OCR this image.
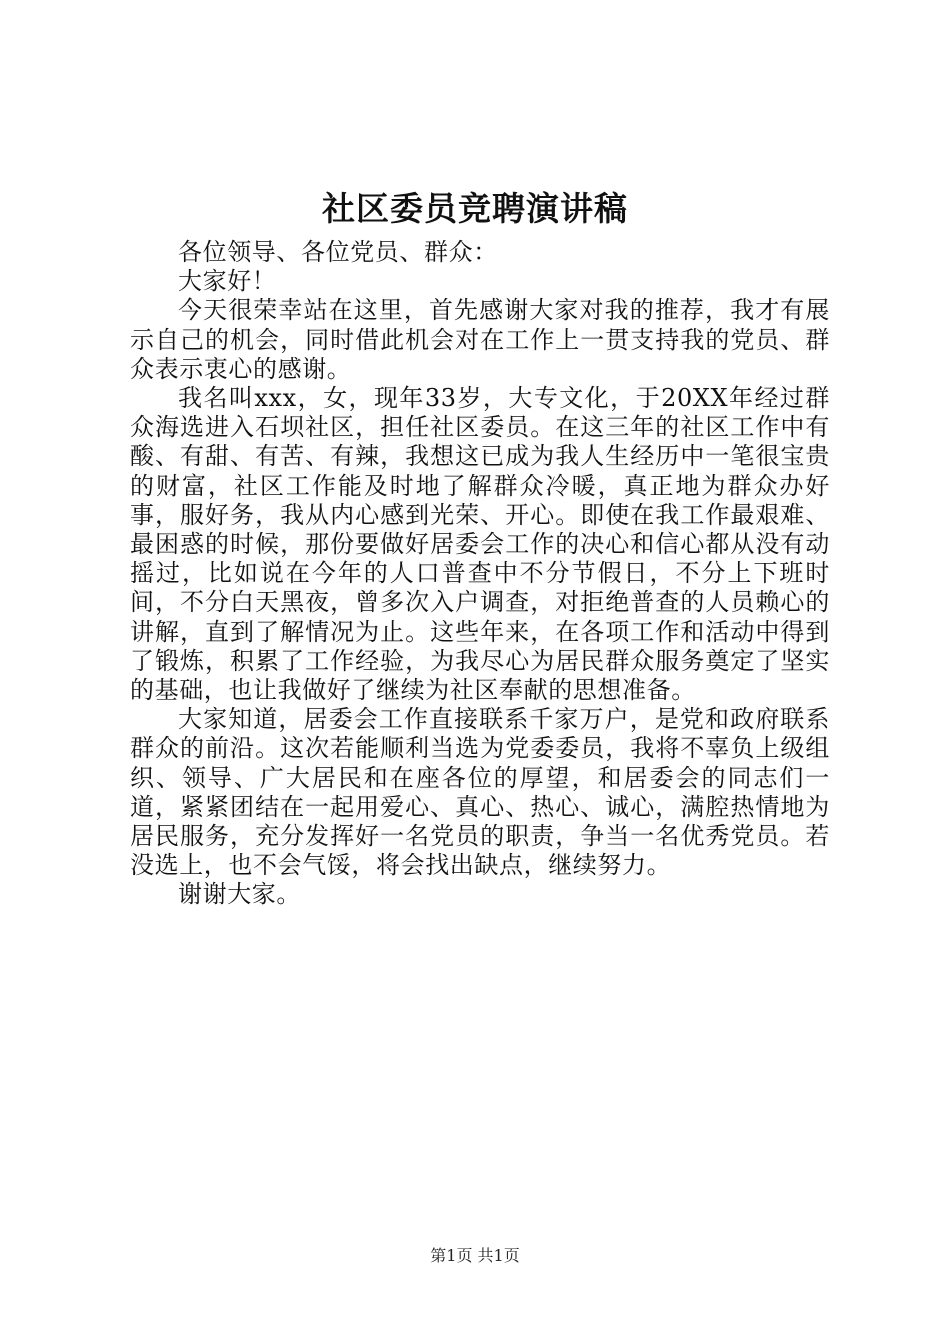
社区委员竞聘演讲稿

各位领导、各位党员、群众：

大家好！

今天很荣幸站在这里，首先感谢大家对我的推荐，我才有展示自己的机会，同时借此机会对在工作上一贯支持我的党员、群众表示衷心的感谢。

我名叫xxx，女，现年33岁，大专文化，于20XX年经过群众海选进入石坝社区，担任社区委员。在这三年的社区工作中有酸、有甜、有苦、有辣，我想这已成为我人生经历中一笔很宝贵的财富，社区工作能及时地了解群众冷暖，真正地为群众办好事，服好务，我从内心感到光荣、开心。即使在我工作最艰难、最困惑的时候，那份要做好居委会工作的决心和信心都从没有动摇过，比如说在今年的人口普查中不分节假日，不分上下班时间，不分白天黑夜，曾多次入户调查，对拒绝普查的人员赖心的讲解，直到了解情况为止。这些年来，在各项工作和活动中得到了锻炼，积累了工作经验，为我尽心为居民群众服务奠定了坚实的基础，也让我做好了继续为社区奉献的思想准备。

大家知道，居委会工作直接联系千家万户，是党和政府联系群众的前沿。这次若能顺利当选为党委委员，我将不辜负上级组织、领导、广大居民和在座各位的厚望，和居委会的同志们一道，紧紧团结在一起用爱心、真心、热心、诚心，满腔热情地为居民服务，充分发挥好一名党员的职责，争当一名优秀党员。若没选上，也不会气馁，将会找出缺点，继续努力。

谢谢大家。

第1页 共1页
